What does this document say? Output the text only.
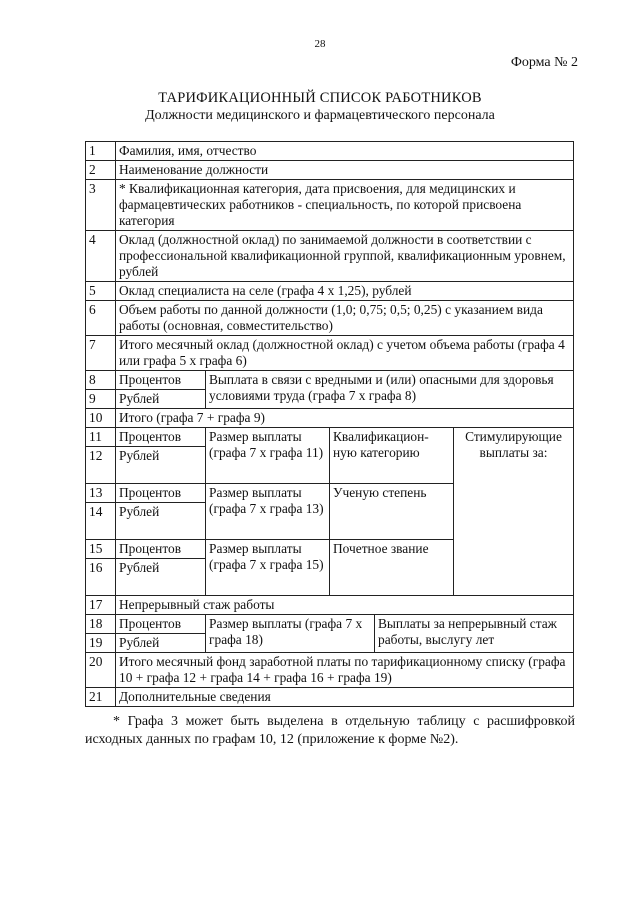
28
Форма № 2
ТАРИФИКАЦИОННЫЙ СПИСОК РАБОТНИКОВ
Должности медицинского и фармацевтического персонала
1	Фамилия, имя, отчество				
2	Наименование должности				
3	* Квалификационная категория, дата присвоения, для медицинских и фармацевтических работников - специальность, по которой присвоена категория				
4	Оклад (должностной оклад) по занимаемой должности в соответствии с профессиональной квалификационной группой, квалификационным уровнем, рублей				
5	Оклад специалиста на селе (графа 4 х 1,25), рублей				
6	Объем работы по данной должности (1,0; 0,75; 0,5; 0,25) с указанием вида работы (основная, совместительство)				
7	Итого месячный оклад (должностной оклад) с учетом объема работы (графа 4 или графа 5 х графа 6)				
8	Процентов	Выплата в связи с вредными и (или) опасными для здоровья условиями труда (графа 7 х графа 8)			
9	Рублей				
10	Итого (графа 7 + графа 9)				
11	Процентов	Размер выплаты (графа 7 х графа 11)	Квалификацион-ную категорию		Стимулирующие выплаты за:
12	Рублей				
13	Процентов	Размер выплаты (графа 7 х графа 13)	Ученую степень		
14	Рублей				
15	Процентов	Размер выплаты (графа 7 х графа 15)	Почетное звание		
16	Рублей				
17	Непрерывный стаж работы				
18	Процентов	Размер выплаты (графа 7 х графа 18)		Выплаты за непрерывный стаж работы, выслугу лет	
19	Рублей				
20	Итого месячный фонд заработной платы по тарификационному списку (графа 10 + графа 12 + графа 14 + графа 16 + графа 19)				
21	Дополнительные сведения				
* Графа 3 может быть выделена в отдельную таблицу с расшифровкой исходных данных по графам 10, 12 (приложение к форме №2).
